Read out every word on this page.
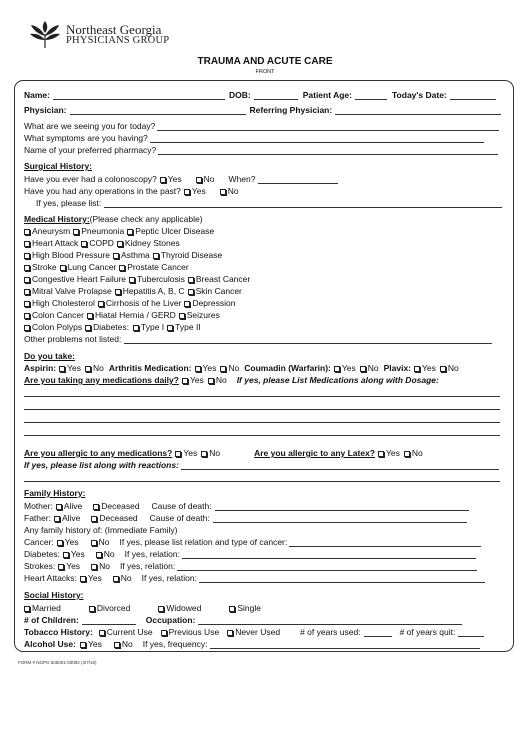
Northeast Georgia
PHYSICIANS GROUP
TRAUMA AND ACUTE CARE
FRONT
Name:	DOB:	Patient Age:	Today's Date:
Physician:	Referring Physician:
What are we seeing you for today?
What symptoms are you having?
Name of your preferred pharmacy?
Surgical History:
Have you ever had a colonoscopy? Yes	No When?
Have you had any operations in the past? Yes	No
If yes, please list:
Medical History: (Please check any applicable)
Aneurysm Pneumonia Peptic Ulcer Disease
Heart Attack COPD Kidney Stones
High Blood Pressure Asthma Thyroid Disease
Stroke Lung Cancer Prostate Cancer
Congestive Heart Failure Tuberculosis Breast Cancer
Mitral Valve Prolapse Hepatitis A, B, C Skin Cancer
High Cholesterol Cirrhosis of he Liver Depression
Colon Cancer Hiatal Hernia / GERD Seizures
Colon Polyps Diabetes: Type I Type II
Other problems not listed:
Do you take:
Aspirin: Yes No Arthritis Medication: Yes No Coumadin (Warfarin): Yes No Plavix: Yes No
Are you taking any medications daily? Yes No If yes, please List Medications along with Dosage:
Are you allergic to any medications? Yes No	Are you allergic to any Latex? Yes No
If yes, please list along with reactions:
Family History:
Mother: Alive Deceased Cause of death:
Father: Alive Deceased Cause of death:
Any family history of: (Immediate Family)
Cancer: Yes No If yes, please list relation and type of cancer:
Diabetes: Yes No If yes, relation:
Strokes: Yes No If yes, relation:
Heart Attacks: Yes No If yes, relation:
Social History:
Married	Divorced	Widowed	Single
# of Children:	Occupation:
Tobacco History: Current Use Previous Use Never Used # of years used:	# of years quit:
Alcohol Use: Yes No If yes, frequency:
FORM # NGPG 505001-03092 (3/7/16)
